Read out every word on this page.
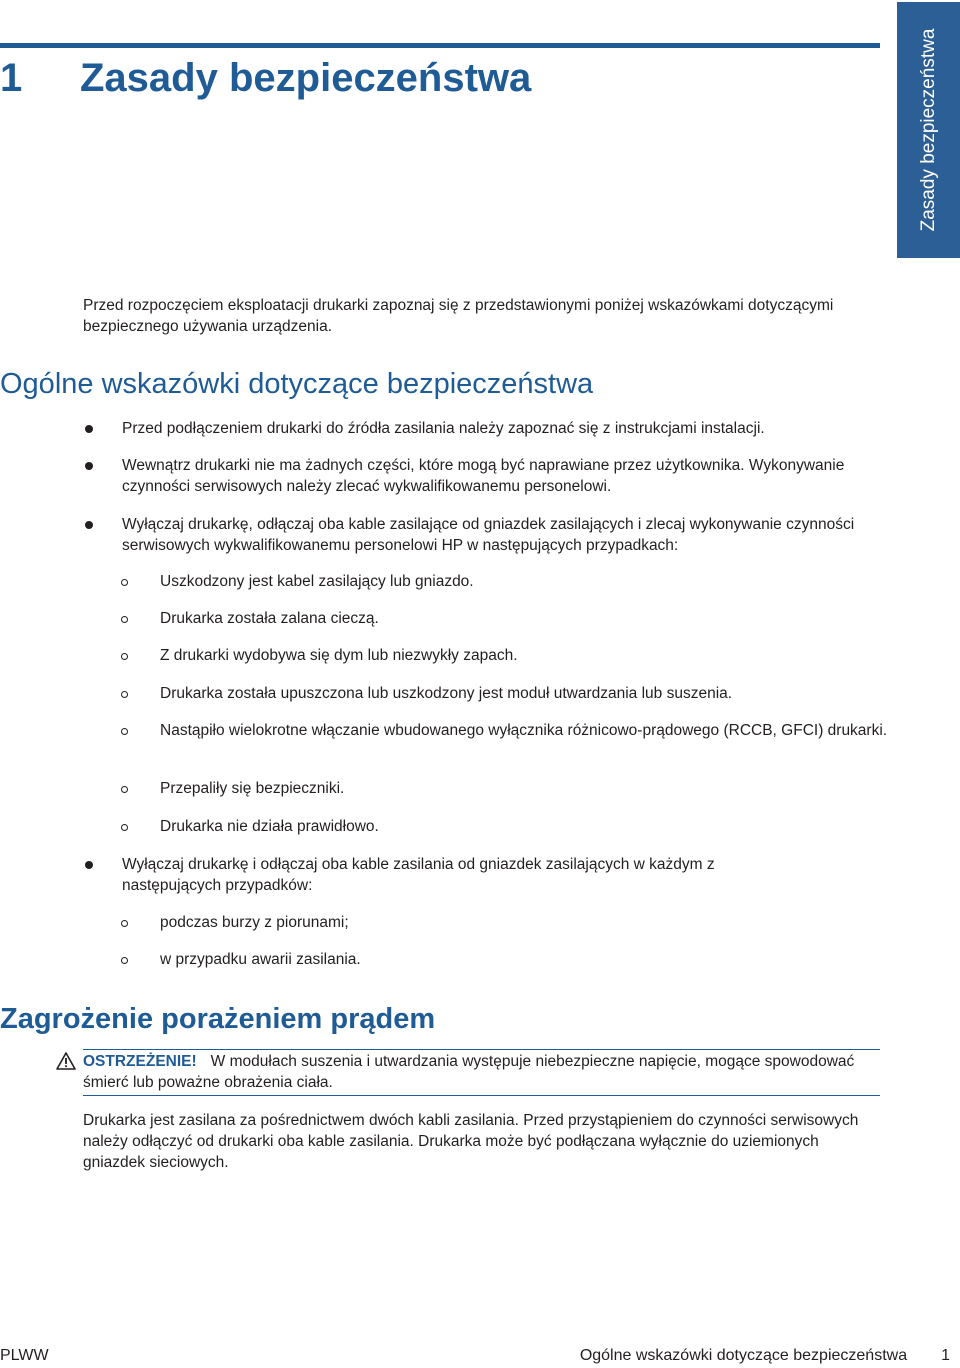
Zasady bezpieczeństwa
1 Zasady bezpieczeństwa
Przed rozpoczęciem eksploatacji drukarki zapoznaj się z przedstawionymi poniżej wskazówkami dotyczącymi bezpiecznego używania urządzenia.
Ogólne wskazówki dotyczące bezpieczeństwa
Przed podłączeniem drukarki do źródła zasilania należy zapoznać się z instrukcjami instalacji.
Wewnątrz drukarki nie ma żadnych części, które mogą być naprawiane przez użytkownika. Wykonywanie czynności serwisowych należy zlecać wykwalifikowanemu personelowi.
Wyłączaj drukarkę, odłączaj oba kable zasilające od gniazdek zasilających i zlecaj wykonywanie czynności serwisowych wykwalifikowanemu personelowi HP w następujących przypadkach:
Uszkodzony jest kabel zasilający lub gniazdo.
Drukarka została zalana cieczą.
Z drukarki wydobywa się dym lub niezwykły zapach.
Drukarka została upuszczona lub uszkodzony jest moduł utwardzania lub suszenia.
Nastąpiło wielokrotne włączanie wbudowanego wyłącznika różnicowo-prądowego (RCCB, GFCI) drukarki.
Przepaliły się bezpieczniki.
Drukarka nie działa prawidłowo.
Wyłączaj drukarkę i odłączaj oba kable zasilania od gniazdek zasilających w każdym z następujących przypadków:
podczas burzy z piorunami;
w przypadku awarii zasilania.
Zagrożenie porażeniem prądem
OSTRZEŻENIE! W modułach suszenia i utwardzania występuje niebezpieczne napięcie, mogące spowodować śmierć lub poważne obrażenia ciała.
Drukarka jest zasilana za pośrednictwem dwóch kabli zasilania. Przed przystąpieniem do czynności serwisowych należy odłączyć od drukarki oba kable zasilania. Drukarka może być podłączana wyłącznie do uziemionych gniazdek sieciowych.
PLWW	Ogólne wskazówki dotyczące bezpieczeństwa 1
